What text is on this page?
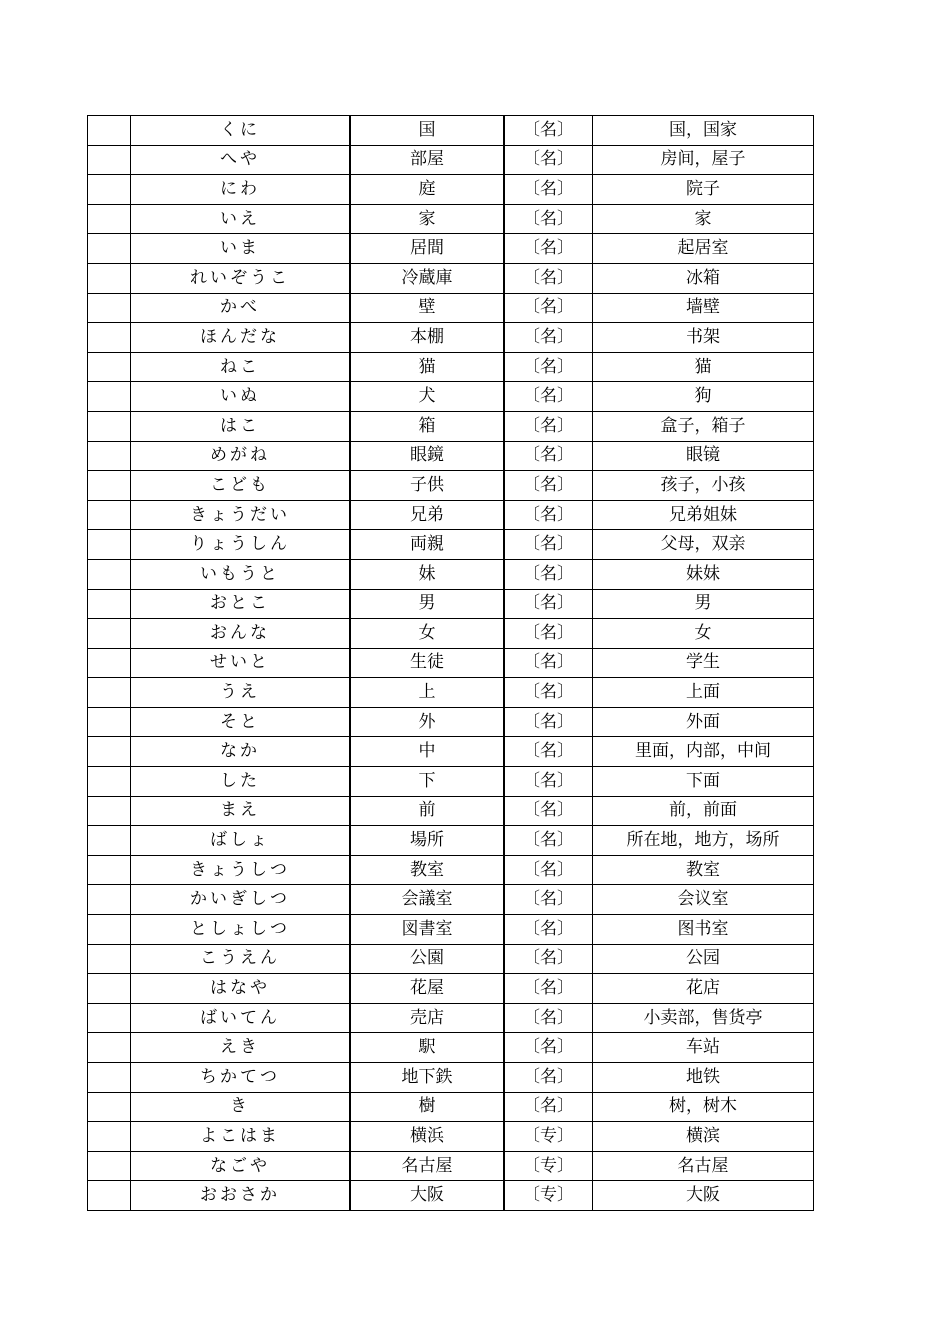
	くに	国	〔名〕	国，国家
	へや	部屋	〔名〕	房间，屋子
	にわ	庭	〔名〕	院子
	いえ	家	〔名〕	家
	いま	居間	〔名〕	起居室
	れいぞうこ	冷蔵庫	〔名〕	冰箱
	かべ	壁	〔名〕	墙壁
	ほんだな	本棚	〔名〕	书架
	ねこ	猫	〔名〕	猫
	いぬ	犬	〔名〕	狗
	はこ	箱	〔名〕	盒子，箱子
	めがね	眼鏡	〔名〕	眼镜
	こども	子供	〔名〕	孩子，小孩
	きょうだい	兄弟	〔名〕	兄弟姐妹
	りょうしん	両親	〔名〕	父母，双亲
	いもうと	妹	〔名〕	妹妹
	おとこ	男	〔名〕	男
	おんな	女	〔名〕	女
	せいと	生徒	〔名〕	学生
	うえ	上	〔名〕	上面
	そと	外	〔名〕	外面
	なか	中	〔名〕	里面，内部，中间
	した	下	〔名〕	下面
	まえ	前	〔名〕	前，前面
	ばしょ	場所	〔名〕	所在地，地方，场所
	きょうしつ	教室	〔名〕	教室
	かいぎしつ	会議室	〔名〕	会议室
	としょしつ	図書室	〔名〕	图书室
	こうえん	公園	〔名〕	公园
	はなや	花屋	〔名〕	花店
	ばいてん	売店	〔名〕	小卖部，售货亭
	えき	駅	〔名〕	车站
	ちかてつ	地下鉄	〔名〕	地铁
	き	樹	〔名〕	树，树木
	よこはま	横浜	〔专〕	横滨
	なごや	名古屋	〔专〕	名古屋
	おおさか	大阪	〔专〕	大阪
